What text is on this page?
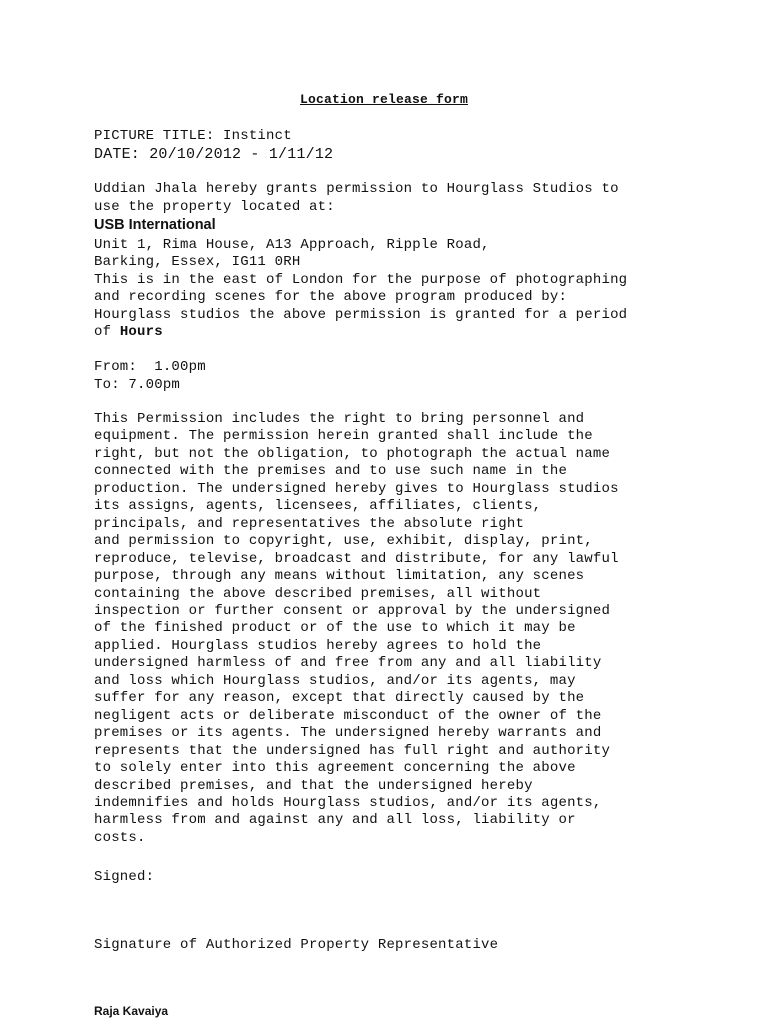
Location release form
PICTURE TITLE: Instinct
DATE: 20/10/2012 - 1/11/12
Uddian Jhala hereby grants permission to Hourglass Studios to
use the property located at:
USB International
Unit 1, Rima House, A13 Approach, Ripple Road,
Barking, Essex, IG11 0RH
This is in the east of London for the purpose of photographing
and recording scenes for the above program produced by:
Hourglass studios the above permission is granted for a period
of Hours
From: 1.00pm
To: 7.00pm
This Permission includes the right to bring personnel and
equipment. The permission herein granted shall include the
right, but not the obligation, to photograph the actual name
connected with the premises and to use such name in the
production. The undersigned hereby gives to Hourglass studios
its assigns, agents, licensees, affiliates, clients,
principals, and representatives the absolute right
and permission to copyright, use, exhibit, display, print,
reproduce, televise, broadcast and distribute, for any lawful
purpose, through any means without limitation, any scenes
containing the above described premises, all without
inspection or further consent or approval by the undersigned
of the finished product or of the use to which it may be
applied. Hourglass studios hereby agrees to hold the
undersigned harmless of and free from any and all liability
and loss which Hourglass studios, and/or its agents, may
suffer for any reason, except that directly caused by the
negligent acts or deliberate misconduct of the owner of the
premises or its agents. The undersigned hereby warrants and
represents that the undersigned has full right and authority
to solely enter into this agreement concerning the above
described premises, and that the undersigned hereby
indemnifies and holds Hourglass studios, and/or its agents,
harmless from and against any and all loss, liability or
costs.
Signed:
Signature of Authorized Property Representative
Raja Kavaiya
